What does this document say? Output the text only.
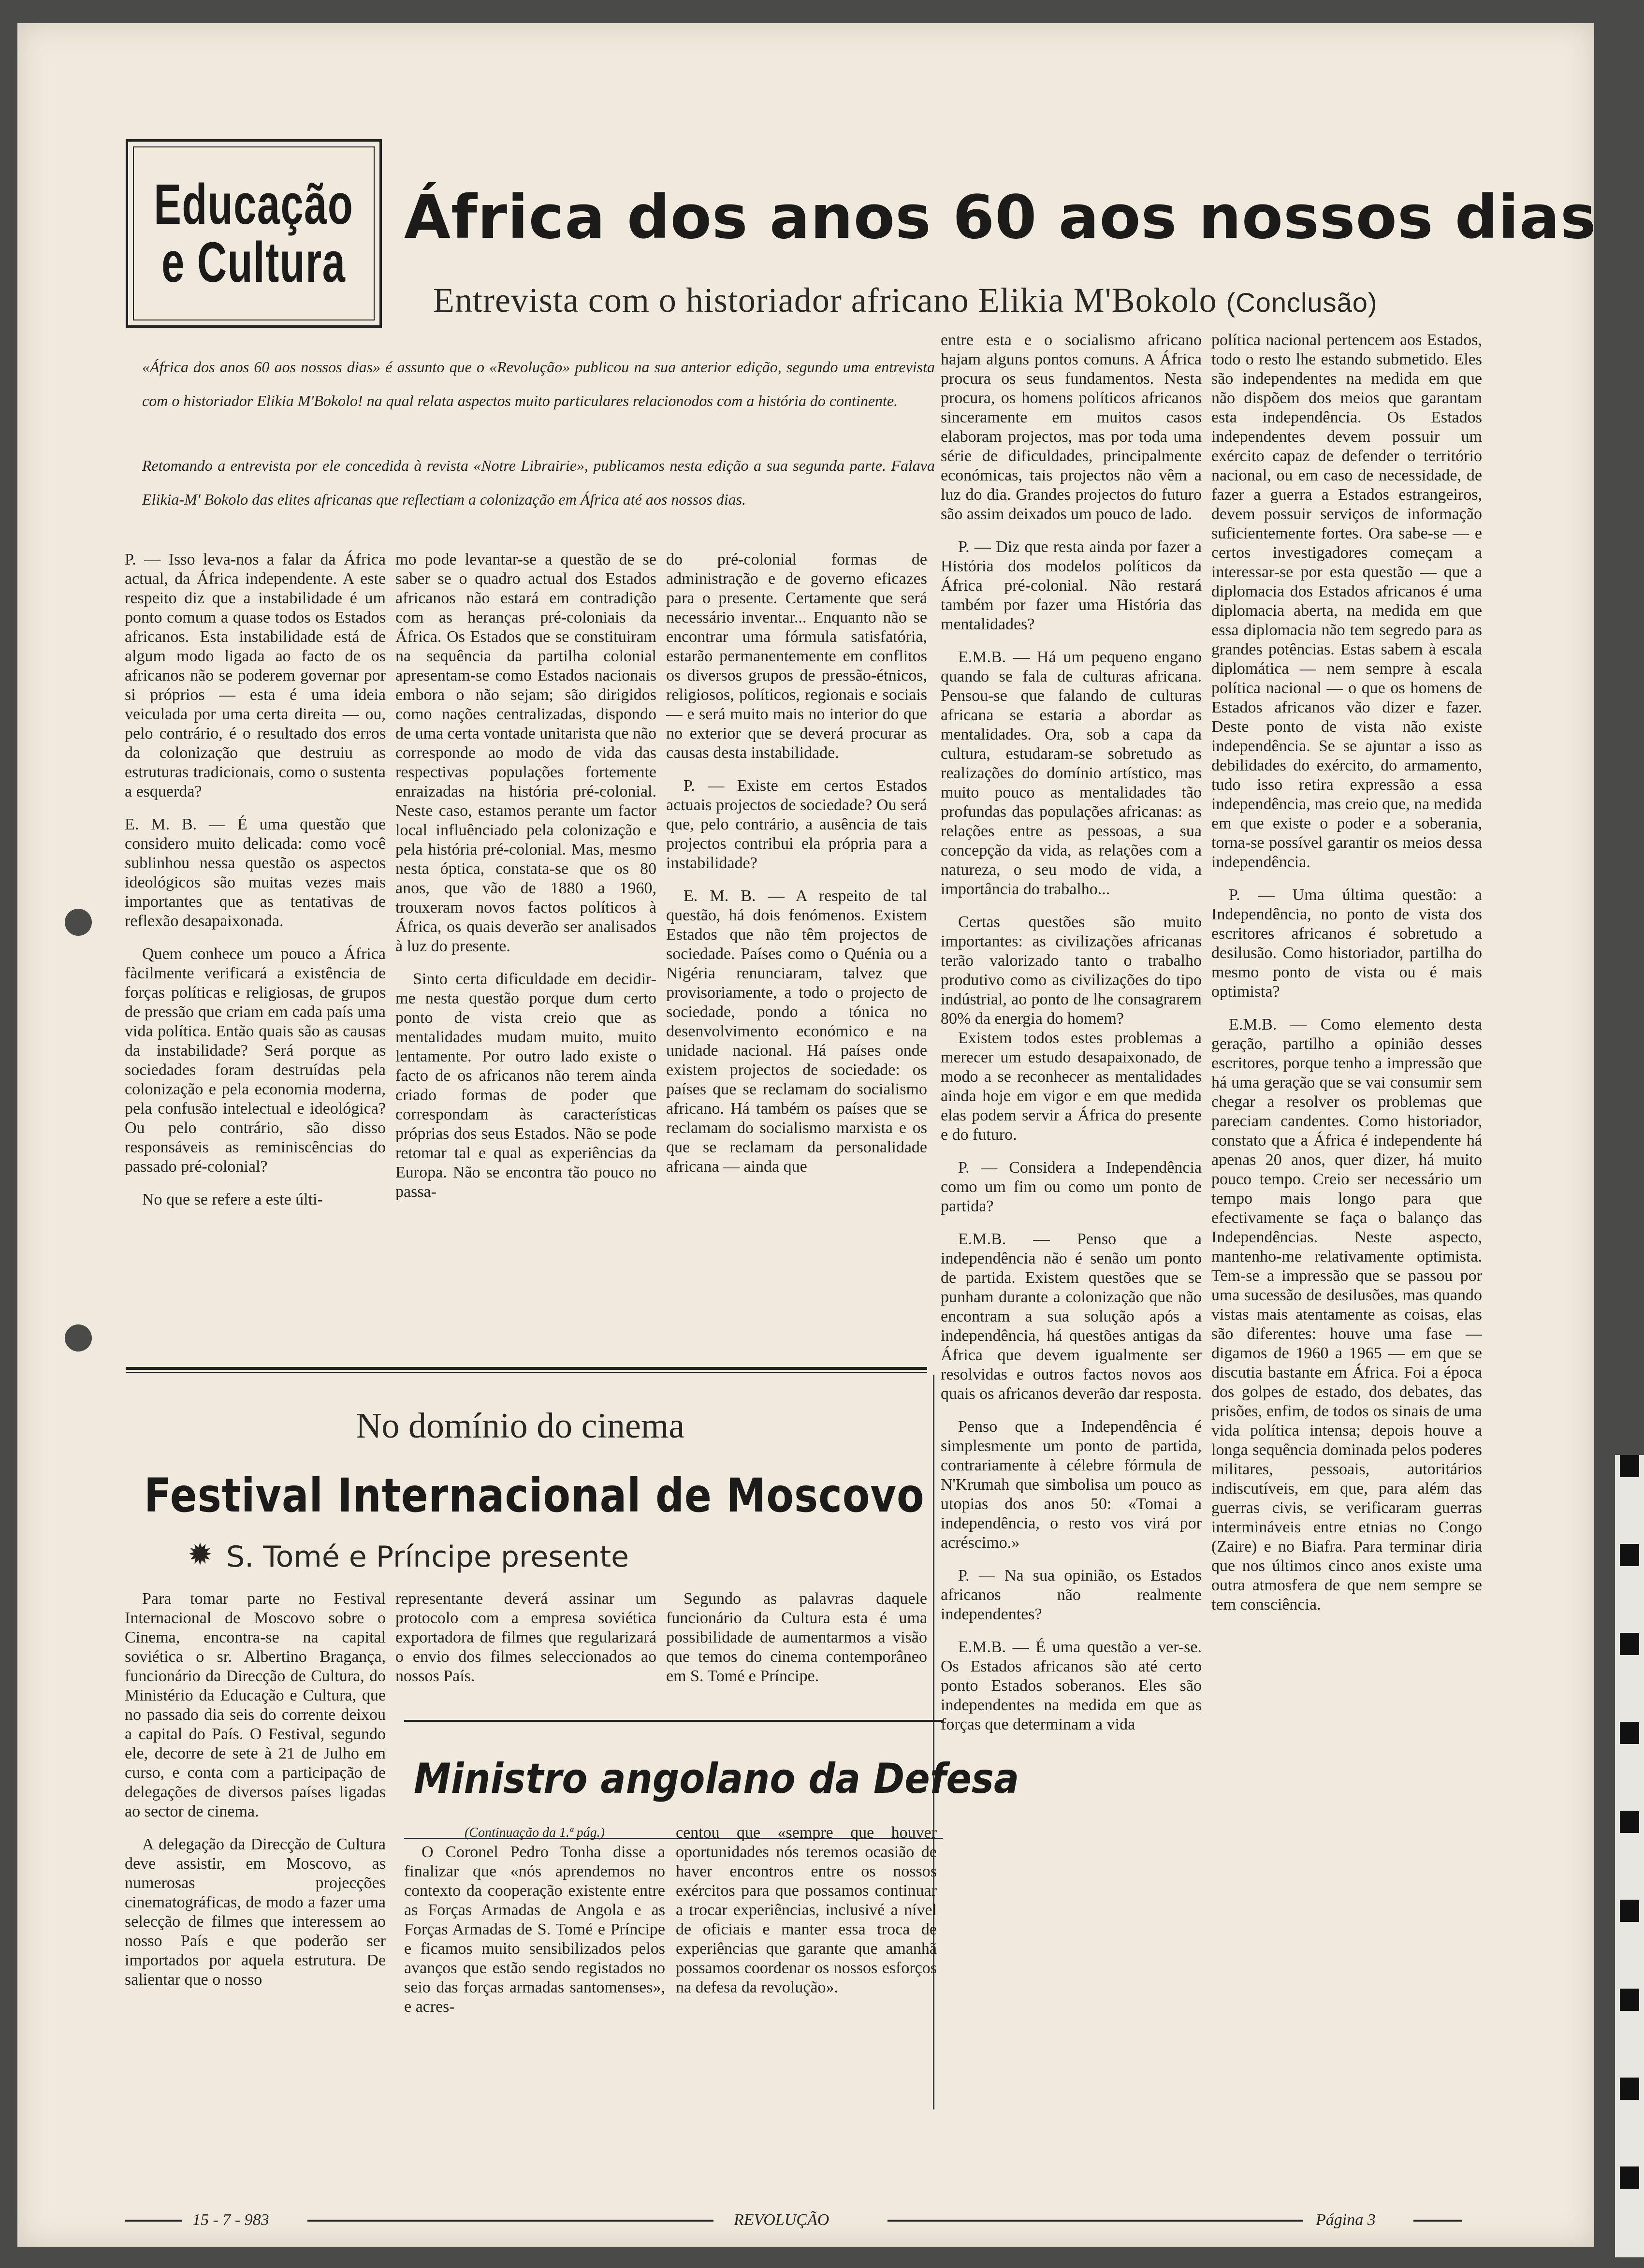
Educação
e Cultura
África dos anos 60 aos nossos dias
Entrevista com o historiador africano Elikia M'Bokolo (Conclusão)
«África dos anos 60 aos nossos dias» é assunto que o «Revolução» publicou na sua anterior edição, segundo uma entrevista com o historiador Elikia M'Bokolo! na qual relata aspectos muito particulares relacionodos com a história do continente.
Retomando a entrevista por ele concedida à revista «Notre Librairie», publicamos nesta edição a sua segunda parte. Falava Elikia-M' Bokolo das elites africanas que reflectiam a colonização em África até aos nossos dias.

P. — Isso leva-nos a falar da África actual, da África independente. A este respeito diz que a instabilidade é um ponto comum a quase todos os Estados africanos. Esta instabilidade está de algum modo ligada ao facto de os africanos não se poderem governar por si próprios — esta é uma ideia veiculada por uma certa direita — ou, pelo contrário, é o resultado dos erros da colonização que destruiu as estruturas tradicionais, como o sustenta a esquerda?

E. M. B. — É uma questão que considero muito delicada: como você sublinhou nessa questão os aspectos ideológicos são muitas vezes mais importantes que as tentativas de reflexão desapaixonada.

Quem conhece um pouco a África fàcilmente verificará a existência de forças políticas e religiosas, de grupos de pressão que criam em cada país uma vida política. Então quais são as causas da instabilidade? Será porque as sociedades foram destruídas pela colonização e pela economia moderna, pela confusão intelectual e ideológica? Ou pelo contrário, são disso responsáveis as reminiscências do passado pré-colonial?

No que se refere a este últi-

mo pode levantar-se a questão de se saber se o quadro actual dos Estados africanos não estará em contradição com as heranças pré-coloniais da África. Os Estados que se constituiram na sequência da partilha colonial apresentam-se como Estados nacionais embora o não sejam; são dirigidos como nações centralizadas, dispondo de uma certa vontade unitarista que não corresponde ao modo de vida das respectivas populações fortemente enraizadas na história pré-colonial. Neste caso, estamos perante um factor local influênciado pela colonização e pela história pré-colonial. Mas, mesmo nesta óptica, constata-se que os 80 anos, que vão de 1880 a 1960, trouxeram novos factos políticos à África, os quais deverão ser analisados à luz do presente.

Sinto certa dificuldade em decidir-me nesta questão porque dum certo ponto de vista creio que as mentalidades mudam muito, muito lentamente. Por outro lado existe o facto de os africanos não terem ainda criado formas de poder que correspondam às características próprias dos seus Estados. Não se pode retomar tal e qual as experiências da Europa. Não se encontra tão pouco no passa-

do pré-colonial formas de administração e de governo eficazes para o presente. Certamente que será necessário inventar... Enquanto não se encontrar uma fórmula satisfatória, estarão permanentemente em conflitos os diversos grupos de pressão-étnicos, religiosos, políticos, regionais e sociais — e será muito mais no interior do que no exterior que se deverá procurar as causas desta instabilidade.

P. — Existe em certos Estados actuais projectos de sociedade? Ou será que, pelo contrário, a ausência de tais projectos contribui ela própria para a instabilidade?

E. M. B. — A respeito de tal questão, há dois fenómenos. Existem Estados que não têm projectos de sociedade. Países como o Quénia ou a Nigéria renunciaram, talvez que provisoriamente, a todo o projecto de sociedade, pondo a tónica no desenvolvimento económico e na unidade nacional. Há países onde existem projectos de sociedade: os países que se reclamam do socialismo africano. Há também os países que se reclamam do socialismo marxista e os que se reclamam da personalidade africana — ainda que

entre esta e o socialismo africano hajam alguns pontos comuns. A África procura os seus fundamentos. Nesta procura, os homens políticos africanos sinceramente em muitos casos elaboram projectos, mas por toda uma série de dificuldades, principalmente económicas, tais projectos não vêm a luz do dia. Grandes projectos do futuro são assim deixados um pouco de lado.

P. — Diz que resta ainda por fazer a História dos modelos políticos da África pré-colonial. Não restará também por fazer uma História das mentalidades?

E.M.B. — Há um pequeno engano quando se fala de culturas africana. Pensou-se que falando de culturas africana se estaria a abordar as mentalidades. Ora, sob a capa da cultura, estudaram-se sobretudo as realizações do domínio artístico, mas muito pouco as mentalidades tão profundas das populações africanas: as relações entre as pessoas, a sua concepção da vida, as relações com a natureza, o seu modo de vida, a importância do trabalho...

Certas questões são muito importantes: as civilizações africanas terão valorizado tanto o trabalho produtivo como as civilizações do tipo indústrial, ao ponto de lhe consagrarem 80% da energia do homem?

Existem todos estes problemas a merecer um estudo desapaixonado, de modo a se reconhecer as mentalidades ainda hoje em vigor e em que medida elas podem servir a África do presente e do futuro.

P. — Considera a Independência como um fim ou como um ponto de partida?

E.M.B. — Penso que a independência não é senão um ponto de partida. Existem questões que se punham durante a colonização que não encontram a sua solução após a independência, há questões antigas da África que devem igualmente ser resolvidas e outros factos novos aos quais os africanos deverão dar resposta.

Penso que a Independência é simplesmente um ponto de partida, contrariamente à célebre fórmula de N'Krumah que simbolisa um pouco as utopias dos anos 50: «Tomai a independência, o resto vos virá por acréscimo.»

P. — Na sua opinião, os Estados africanos não realmente independentes?

E.M.B. — É uma questão a ver-se. Os Estados africanos são até certo ponto Estados soberanos. Eles são independentes na medida em que as forças que determinam a vida

política nacional pertencem aos Estados, todo o resto lhe estando submetido. Eles são independentes na medida em que não dispõem dos meios que garantam esta independência. Os Estados independentes devem possuir um exército capaz de defender o território nacional, ou em caso de necessidade, de fazer a guerra a Estados estrangeiros, devem possuir serviços de informação suficientemente fortes. Ora sabe-se — e certos investigadores começam a interessar-se por esta questão — que a diplomacia dos Estados africanos é uma diplomacia aberta, na medida em que essa diplomacia não tem segredo para as grandes potências. Estas sabem à escala diplomática — nem sempre à escala política nacional — o que os homens de Estados africanos vão dizer e fazer. Deste ponto de vista não existe independência. Se se ajuntar a isso as debilidades do exército, do armamento, tudo isso retira expressão a essa independência, mas creio que, na medida em que existe o poder e a soberania, torna-se possível garantir os meios dessa independência.

P. — Uma última questão: a Independência, no ponto de vista dos escritores africanos é sobretudo a desilusão. Como historiador, partilha do mesmo ponto de vista ou é mais optimista?

E.M.B. — Como elemento desta geração, partilho a opinião desses escritores, porque tenho a impressão que há uma geração que se vai consumir sem chegar a resolver os problemas que pareciam candentes. Como historiador, constato que a África é independente há apenas 20 anos, quer dizer, há muito pouco tempo. Creio ser necessário um tempo mais longo para que efectivamente se faça o balanço das Independências. Neste aspecto, mantenho-me relativamente optimista. Tem-se a impressão que se passou por uma sucessão de desilusões, mas quando vistas mais atentamente as coisas, elas são diferentes: houve uma fase — digamos de 1960 a 1965 — em que se discutia bastante em África. Foi a época dos golpes de estado, dos debates, das prisões, enfim, de todos os sinais de uma vida política intensa; depois houve a longa sequência dominada pelos poderes militares, pessoais, autoritários indiscutíveis, em que, para além das guerras civis, se verificaram guerras intermináveis entre etnias no Congo (Zaire) e no Biafra. Para terminar diria que nos últimos cinco anos existe uma outra atmosfera de que nem sempre se tem consciência.

No domínio do cinema
Festival Internacional de Moscovo
✹ S. Tomé e Príncipe presente

Para tomar parte no Festival Internacional de Moscovo sobre o Cinema, encontra-se na capital soviética o sr. Albertino Bragança, funcionário da Direcção de Cultura, do Ministério da Educação e Cultura, que no passado dia seis do corrente deixou a capital do País. O Festival, segundo ele, decorre de sete à 21 de Julho em curso, e conta com a participação de delegações de diversos países ligadas ao sector de cinema.

A delegação da Direcção de Cultura deve assistir, em Moscovo, as numerosas projecções cinematográficas, de modo a fazer uma selecção de filmes que interessem ao nosso País e que poderão ser importados por aquela estrutura. De salientar que o nosso

representante deverá assinar um protocolo com a empresa soviética exportadora de filmes que regularizará o envio dos filmes seleccionados ao nossos País.

Segundo as palavras daquele funcionário da Cultura esta é uma possibilidade de aumentarmos a visão que temos do cinema contemporâneo em S. Tomé e Príncipe.

Ministro angolano da Defesa

(Continuação da 1.ª pág.)

O Coronel Pedro Tonha disse a finalizar que «nós aprendemos no contexto da cooperação existente entre as Forças Armadas de Angola e as Forças Armadas de S. Tomé e Príncipe e ficamos muito sensibilizados pelos avanços que estão sendo registados no seio das forças armadas santomenses», e acres-

centou que «sempre que houver oportunidades nós teremos ocasião de haver encontros entre os nossos exércitos para que possamos continuar a trocar experiências, inclusivé a nível de oficiais e manter essa troca de experiências que garante que amanhã possamos coordenar os nossos esforços na defesa da revolução».

15 - 7 - 983	REVOLUÇÃO	Página 3
